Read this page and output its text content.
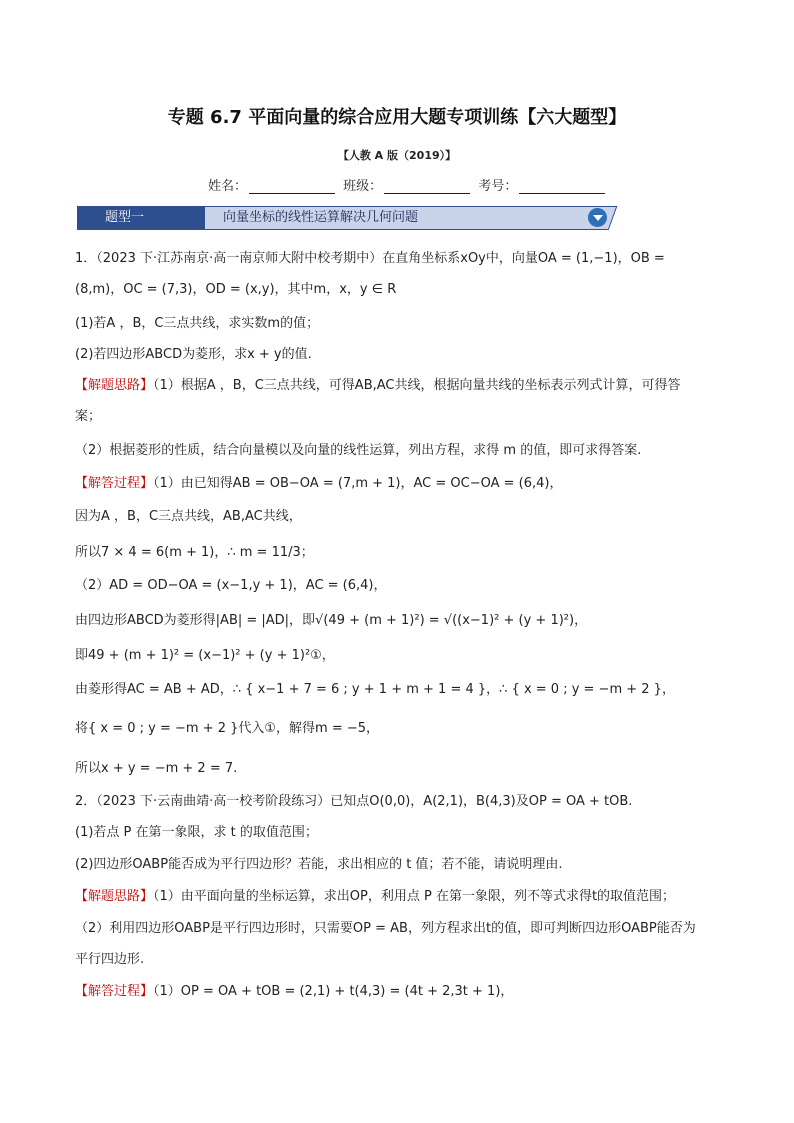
专题 6.7 平面向量的综合应用大题专项训练【六大题型】
【人教 A 版（2019）】
姓名：	班级：	考号：
题型一	向量坐标的线性运算解决几何问题
1．（2023 下·江苏南京·高一南京师大附中校考期中）在直角坐标系xOy中，向量OA = (1,−1)，OB =
(8,m)，OC = (7,3)，OD = (x,y)，其中m，x，y ∈ R
(1)若A ，B，C三点共线，求实数m的值；
(2)若四边形ABCD为菱形，求x + y的值.
【解题思路】（1）根据A ，B，C三点共线，可得AB,AC共线，根据向量共线的坐标表示列式计算，可得答
案；
（2）根据菱形的性质，结合向量模以及向量的线性运算，列出方程，求得 m 的值，即可求得答案.
【解答过程】（1）由已知得AB = OB−OA = (7,m + 1)，AC = OC−OA = (6,4)，
因为A ，B，C三点共线，AB,AC共线，
所以7 × 4 = 6(m + 1)，∴ m = 11/3；
（2）AD = OD−OA = (x−1,y + 1)，AC = (6,4)，
由四边形ABCD为菱形得|AB| = |AD|，即√(49 + (m + 1)²) = √((x−1)² + (y + 1)²)，
即49 + (m + 1)² = (x−1)² + (y + 1)²①，
由菱形得AC = AB + AD，∴ { x−1 + 7 = 6 ; y + 1 + m + 1 = 4 }，∴ { x = 0 ; y = −m + 2 }，
将{ x = 0 ; y = −m + 2 }代入①，解得m = −5，
所以x + y = −m + 2 = 7.
2．（2023 下·云南曲靖·高一校考阶段练习）已知点O(0,0)，A(2,1)，B(4,3)及OP = OA + tOB.
(1)若点 P 在第一象限，求 t 的取值范围；
(2)四边形OABP能否成为平行四边形？若能，求出相应的 t 值；若不能，请说明理由.
【解题思路】（1）由平面向量的坐标运算，求出OP，利用点 P 在第一象限，列不等式求得t的取值范围；
（2）利用四边形OABP是平行四边形时，只需要OP = AB，列方程求出t的值，即可判断四边形OABP能否为
平行四边形.
【解答过程】（1）OP = OA + tOB = (2,1) + t(4,3) = (4t + 2,3t + 1)，
